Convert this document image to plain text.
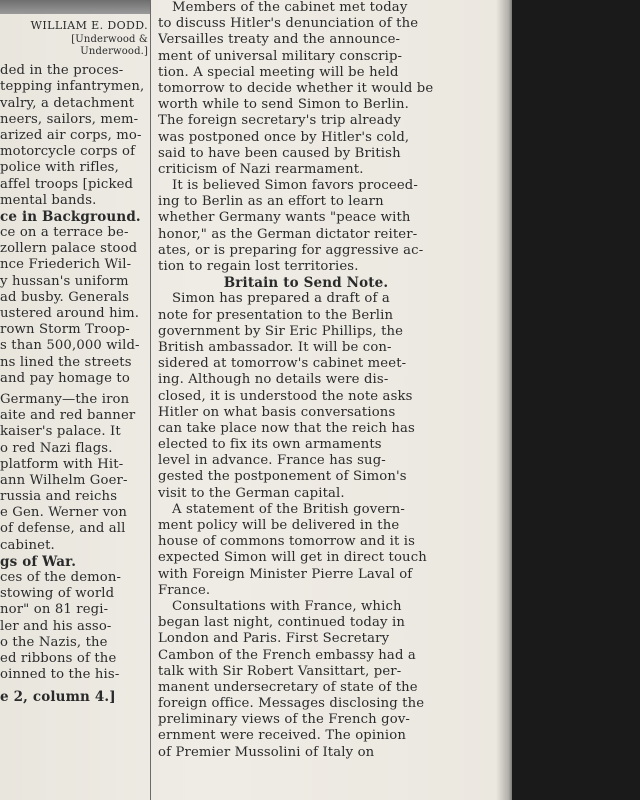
WILLIAM E. DODD.
[Underwood &
Underwood.]
ded in the proces-
tepping infantrymen,
valry, a detachment
neers, sailors, mem-
arized air corps, mo-
motorcycle corps of
police with rifles,
affel troops [picked
mental bands.
ce in Background.
ce on a terrace be-
zollern palace stood
nce Friederich Wil-
y hussan's uniform
ad busby. Generals
ustered around him.
rown Storm Troop-
s than 500,000 wild-
ns lined the streets
and pay homage to
Germany—the iron
aite and red banner
kaiser's palace. It
o red Nazi flags.
platform with Hit-
ann Wilhelm Goer-
russia and reichs
e Gen. Werner von
of defense, and all
cabinet.
gs of War.
ces of the demon-
stowing of world
nor" on 81 regi-
ler and his asso-
o the Nazis, the
ed ribbons of the
oinned to the his-
e 2, column 4.]
Members of the cabinet met today
to discuss Hitler's denunciation of the
Versailles treaty and the announce-
ment of universal military conscrip-
tion. A special meeting will be held
tomorrow to decide whether it would be
worth while to send Simon to Berlin.
The foreign secretary's trip already
was postponed once by Hitler's cold,
said to have been caused by British
criticism of Nazi rearmament.
It is believed Simon favors proceed-
ing to Berlin as an effort to learn
whether Germany wants "peace with
honor," as the German dictator reiter-
ates, or is preparing for aggressive ac-
tion to regain lost territories.
Britain to Send Note.
Simon has prepared a draft of a
note for presentation to the Berlin
government by Sir Eric Phillips, the
British ambassador. It will be con-
sidered at tomorrow's cabinet meet-
ing. Although no details were dis-
closed, it is understood the note asks
Hitler on what basis conversations
can take place now that the reich has
elected to fix its own armaments
level in advance. France has sug-
gested the postponement of Simon's
visit to the German capital.
A statement of the British govern-
ment policy will be delivered in the
house of commons tomorrow and it is
expected Simon will get in direct touch
with Foreign Minister Pierre Laval of
France.
Consultations with France, which
began last night, continued today in
London and Paris. First Secretary
Cambon of the French embassy had a
talk with Sir Robert Vansittart, per-
manent undersecretary of state of the
foreign office. Messages disclosing the
preliminary views of the French gov-
ernment were received. The opinion
of Premier Mussolini of Italy on
